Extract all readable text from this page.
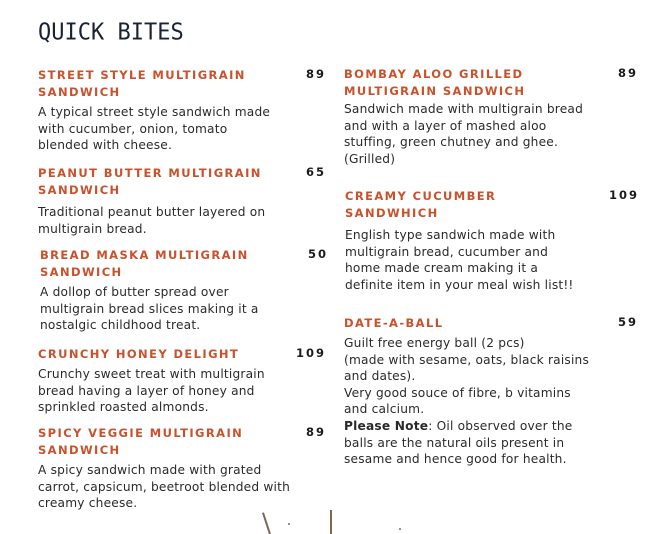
QUICK BITES
STREET STYLE MULTIGRAIN SANDWICH
89
A typical street style sandwich made
with cucumber, onion, tomato
blended with cheese.
PEANUT BUTTER MULTIGRAIN SANDWICH
65
Traditional peanut butter layered on
multigrain bread.
BREAD MASKA MULTIGRAIN SANDWICH
50
A dollop of butter spread over
multigrain bread slices making it a
nostalgic childhood treat.
CRUNCHY HONEY DELIGHT	109
Crunchy sweet treat with multigrain
bread having a layer of honey and
sprinkled roasted almonds.
SPICY VEGGIE MULTIGRAIN SANDWICH
89
A spicy sandwich made with grated
carrot, capsicum, beetroot blended with
creamy cheese.
BOMBAY ALOO GRILLED MULTIGRAIN SANDWICH
89
Sandwich made with multigrain bread
and with a layer of mashed aloo
stuffing, green chutney and ghee.
(Grilled)
CREAMY CUCUMBER SANDWHICH
109
English type sandwich made with
multigrain bread, cucumber and
home made cream making it a
definite item in your meal wish list!!
DATE-A-BALL	59
Guilt free energy ball (2 pcs)
(made with sesame, oats, black raisins
and dates).
Very good souce of fibre, b vitamins
and calcium.
Please Note: Oil observed over the
balls are the natural oils present in
sesame and hence good for health.
